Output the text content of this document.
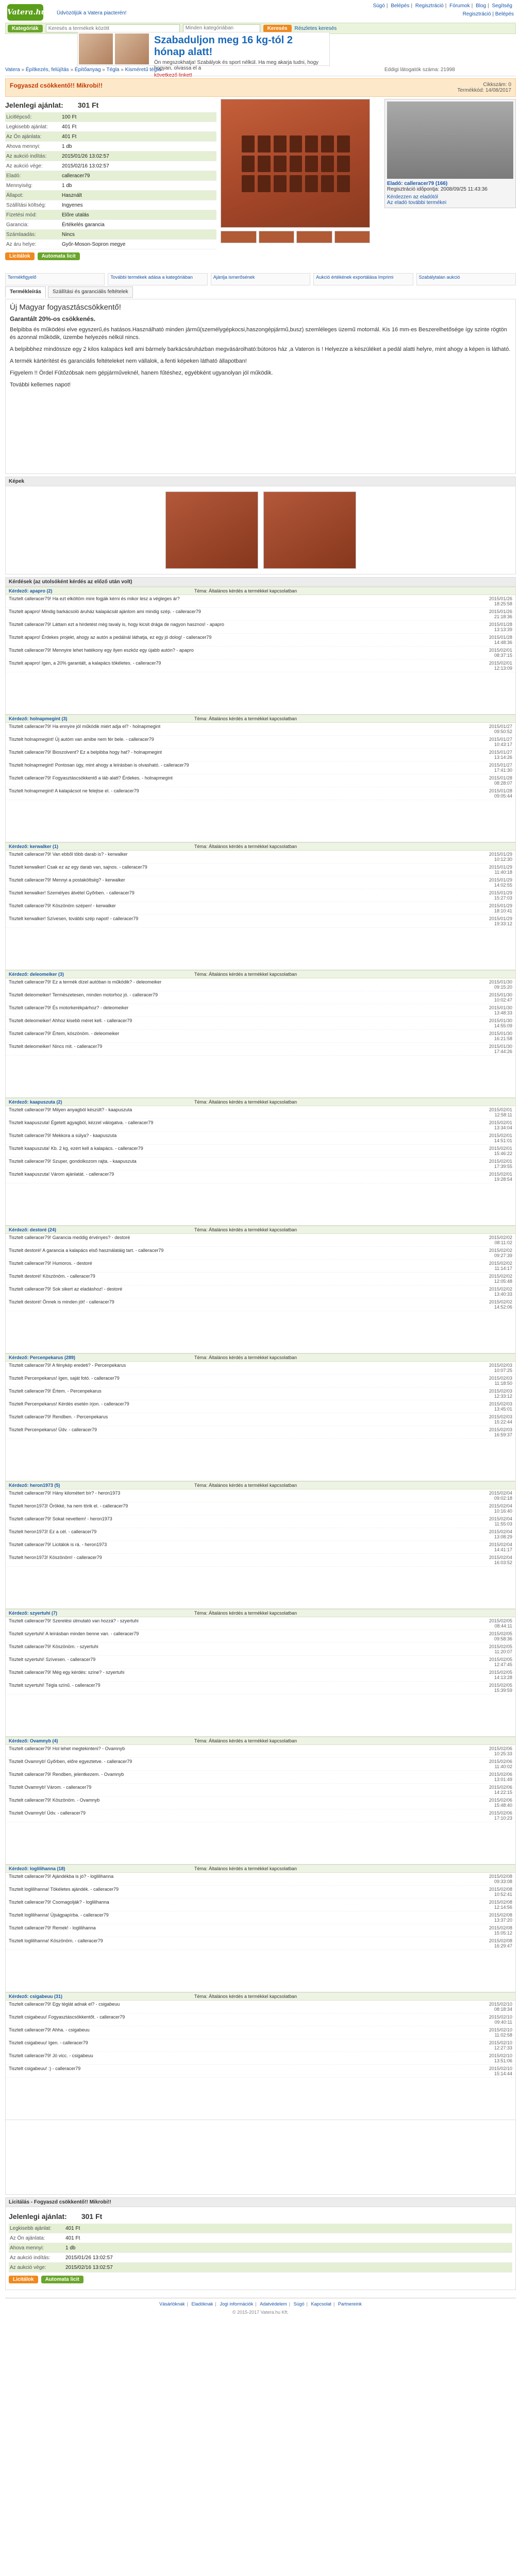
Vatera.hu
Súgó | Belépés | Regisztráció | Fórumok | Blog | Segítség
Üdvözöljük a Vatera piacterén!	Regisztráció | Belépés
Kategóriák
Keresés a termékek között	Minden kategóriában	Keresés	Részletes keresés
Szabaduljon meg 16 kg-tól 2 hónap alatt!
Ön megszokhatja! Szabályok és sport nélkül. Ha meg akarja tudni, hogy hogyan, olvassa el a
következő linket!
Vatera » Építkezés, felújítás » Építőanyag » Tégla » Kisméretű tégla	Eddigi látogatók száma: 21998
Fogyaszd csökkentő!! Mikrobi!!	Cikkszám: 0
Termékkód: 14/08/2017
Jelenlegi ajánlat: 301 Ft
Licitlépcső:	100 Ft
Legkisebb ajánlat:	401 Ft
Az Ön ajánlata:	401 Ft
Ahova mennyi:	1 db
Az aukció indítás:	2015/01/26 13:02:57
Az aukció vége:	2015/02/16 13:02:57
Eladó:	calleracer79
Mennyiség:	1 db
Állapot:	Használt
Szállítási költség:	Ingyenes
Fizetési mód:	Előre utalás
Garancia:	Értékelés garancia
Számlaadás:	Nincs
Az áru helye:	Győr-Moson-Sopron megye
Licitálok	Automata licit
Eladó: calleracer79 (166)
Regisztráció időpontja: 2008/09/25 11:43:36
Kérdezzen az eladótól
Az eladó további termékei
Termékfigyelő	További termékek adása a kategóriában	Ajánlja ismerősének	Aukció értékének exportálása Imprimi	Szabálytalan aukció
Termékleírás	Szállítási és garanciális feltételek
Új Magyar fogyasztáscsökkentő!
Garantált 20%-os csökkenés.

Belpibba és működési elve egyszerű,és hatásos.Használható minden jármű(személygépkocsi,haszongépjármű,busz) szemléleges üzemű motornál. Kis 16 mm-es Beszerelhetősége így szinte rögtön és azonnal működik, üzembe helyezés nélkül nincs.

A belpibbhez mindössze egy 2 kilos kalapács kell ami bármely barkácsáruházban megvásárolható:bútoros ház ,a Vateron is ! Helyezze a készüléket a pedál alatti helyre, mint ahogy a képen is látható.

A termék kártérítést és garanciális feltételeket nem vállalok, a fenti képeken látható állapotban!

Figyelem !! Ördel Fűtőzóbsak nem gépjárműveknél, hanem fűtéshez, egyébként ugyanolyan jól működik.

További kellemes napot!

Képek
Kérdések (az utolsóként kérdés az előző után volt)
Kérdező: apapro (2)	Téma: Általános kérdés a termékkel kapcsolatban
Tisztelt calleracer79! Ha ezt elköltöm mire fogják kérni és mikor lesz a végleges ár?	2015/01/26 18:25:58
Tisztelt apapro! Mindig barkácsoló áruház kalapácsát ajánlom ami mindig szép. - calleracer79	2015/01/26 21:18:36
Tisztelt calleracer79! Láttam ezt a hirdetést még tavaly is, hogy kicsit drága de nagyon hasznos! - apapro	2015/01/28 13:13:39
Tisztelt apapro! Érdekes projekt, ahogy az autón a pedálnál láthatja, ez egy jó dolog! - calleracer79	2015/01/28 14:48:36
Tisztelt calleracer79! Mennyire lehet hatékony egy ilyen eszköz egy újabb autón? - apapro	2015/02/01 08:37:15
Tisztelt apapro! Igen, a 20% garantált, a kalapács tökéletes. - calleracer79	2015/02/01 12:13:09
Kérdező: holnapmegint (3)	Téma: Általános kérdés a termékkel kapcsolatban
Tisztelt calleracer79! Ha ennyire jól működik miért adja el? - holnapmegint	2015/01/27 09:50:52
Tisztelt holnapmegint! Új autóm van amibe nem fér bele. - calleracer79	2015/01/27 10:43:17
Tisztelt calleracer79! Bioszolvent? Ez a belpibba hogy hat? - holnapmegint	2015/01/27 13:14:26
Tisztelt holnapmegint! Pontosan úgy, mint ahogy a leírásban is olvasható. - calleracer79	2015/01/27 17:41:30
Tisztelt calleracer79! Fogyasztáscsökkentő a láb alatt? Érdekes. - holnapmegint	2015/01/28 08:28:07
Tisztelt holnapmegint! A kalapácsot ne felejtse el. - calleracer79	2015/01/28 09:05:44
Kérdező: kerwalker (1)	Téma: Általános kérdés a termékkel kapcsolatban
Tisztelt calleracer79! Van ebből több darab is? - kerwalker	2015/01/29 10:12:30
Tisztelt kerwalker! Csak ez az egy darab van, sajnos. - calleracer79	2015/01/29 11:40:18
Tisztelt calleracer79! Mennyi a postaköltség? - kerwalker	2015/01/29 14:02:55
Tisztelt kerwalker! Személyes átvétel Győrben. - calleracer79	2015/01/29 15:27:03
Tisztelt calleracer79! Köszönöm szépen! - kerwalker	2015/01/29 18:10:41
Tisztelt kerwalker! Szívesen, további szép napot! - calleracer79	2015/01/29 19:33:12
Kérdező: deleomeiker (3)	Téma: Általános kérdés a termékkel kapcsolatban
Tisztelt calleracer79! Ez a termék dízel autóban is működik? - deleomeiker	2015/01/30 09:15:20
Tisztelt deleomeiker! Természetesen, minden motorhoz jó. - calleracer79	2015/01/30 10:02:47
Tisztelt calleracer79! És motorkerékpárhoz? - deleomeiker	2015/01/30 13:48:33
Tisztelt deleomeiker! Ahhoz kisebb méret kell. - calleracer79	2015/01/30 14:55:09
Tisztelt calleracer79! Értem, köszönöm. - deleomeiker	2015/01/30 16:21:58
Tisztelt deleomeiker! Nincs mit. - calleracer79	2015/01/30 17:44:26
Kérdező: kaapuszuta (2)	Téma: Általános kérdés a termékkel kapcsolatban
Tisztelt calleracer79! Milyen anyagból készült? - kaapuszuta	2015/02/01 12:58:11
Tisztelt kaapuszuta! Égetett agyagból, kézzel válogatva. - calleracer79	2015/02/01 13:34:04
Tisztelt calleracer79! Mekkora a súlya? - kaapuszuta	2015/02/01 14:51:01
Tisztelt kaapuszuta! Kb. 2 kg, ezért kell a kalapács. - calleracer79	2015/02/01 15:46:22
Tisztelt calleracer79! Szuper, gondolkozom rajta. - kaapuszuta	2015/02/01 17:39:55
Tisztelt kaapuszuta! Várom ajánlatát. - calleracer79	2015/02/01 19:28:54
Kérdező: destoré (24)	Téma: Általános kérdés a termékkel kapcsolatban
Tisztelt calleracer79! Garancia meddig érvényes? - destoré	2015/02/02 08:11:02
Tisztelt destoré! A garancia a kalapács első használatáig tart. - calleracer79	2015/02/02 09:27:39
Tisztelt calleracer79! Humoros. - destoré	2015/02/02 11:14:17
Tisztelt destoré! Köszönöm. - calleracer79	2015/02/02 12:05:48
Tisztelt calleracer79! Sok sikert az eladáshoz! - destoré	2015/02/02 13:40:33
Tisztelt destoré! Önnek is minden jót! - calleracer79	2015/02/02 14:52:06
Kérdező: Percenpekarus (289)	Téma: Általános kérdés a termékkel kapcsolatban
Tisztelt calleracer79! A fénykép eredeti? - Percenpekarus	2015/02/03 10:07:25
Tisztelt Percenpekarus! Igen, saját fotó. - calleracer79	2015/02/03 11:18:50
Tisztelt calleracer79! Értem. - Percenpekarus	2015/02/03 12:33:12
Tisztelt Percenpekarus! Kérdés esetén írjon. - calleracer79	2015/02/03 13:45:01
Tisztelt calleracer79! Rendben. - Percenpekarus	2015/02/03 15:22:44
Tisztelt Percenpekarus! Üdv. - calleracer79	2015/02/03 16:59:37
Kérdező: heron1973 (5)	Téma: Általános kérdés a termékkel kapcsolatban
Tisztelt calleracer79! Hány kilométert bír? - heron1973	2015/02/04 09:02:18
Tisztelt heron1973! Örökké, ha nem törik el. - calleracer79	2015/02/04 10:16:40
Tisztelt calleracer79! Sokat nevettem! - heron1973	2015/02/04 11:55:03
Tisztelt heron1973! Ez a cél. - calleracer79	2015/02/04 13:08:29
Tisztelt calleracer79! Licitálok is rá. - heron1973	2015/02/04 14:41:17
Tisztelt heron1973! Köszönöm! - calleracer79	2015/02/04 16:03:52
Kérdező: szyertuhi (7)	Téma: Általános kérdés a termékkel kapcsolatban
Tisztelt calleracer79! Szerelési útmutató van hozzá? - szyertuhi	2015/02/05 08:44:11
Tisztelt szyertuhi! A leírásban minden benne van. - calleracer79	2015/02/05 09:58:36
Tisztelt calleracer79! Köszönöm. - szyertuhi	2015/02/05 11:20:07
Tisztelt szyertuhi! Szívesen. - calleracer79	2015/02/05 12:47:45
Tisztelt calleracer79! Még egy kérdés: színe? - szyertuhi	2015/02/05 14:13:28
Tisztelt szyertuhi! Tégla színű. - calleracer79	2015/02/05 15:39:59
Kérdező: Ovamnyb (4)	Téma: Általános kérdés a termékkel kapcsolatban
Tisztelt calleracer79! Hol lehet megtekinteni? - Ovamnyb	2015/02/06 10:25:33
Tisztelt Ovamnyb! Győrben, előre egyeztetve. - calleracer79	2015/02/06 11:40:02
Tisztelt calleracer79! Rendben, jelentkezem. - Ovamnyb	2015/02/06 13:01:49
Tisztelt Ovamnyb! Várom. - calleracer79	2015/02/06 14:22:15
Tisztelt calleracer79! Köszönöm. - Ovamnyb	2015/02/06 15:48:40
Tisztelt Ovamnyb! Üdv. - calleracer79	2015/02/06 17:10:23
Kérdező: loglilihanna (18)	Téma: Általános kérdés a termékkel kapcsolatban
Tisztelt calleracer79! Ajándékba is jó? - loglilihanna	2015/02/08 09:33:08
Tisztelt loglilihanna! Tökéletes ajándék. - calleracer79	2015/02/08 10:52:41
Tisztelt calleracer79! Csomagolják? - loglilihanna	2015/02/08 12:14:56
Tisztelt loglilihanna! Újságpapírba. - calleracer79	2015/02/08 13:37:20
Tisztelt calleracer79! Remek! - loglilihanna	2015/02/08 15:05:12
Tisztelt loglilihanna! Köszönöm. - calleracer79	2015/02/08 16:29:47
Kérdező: csigabeuu (31)	Téma: Általános kérdés a termékkel kapcsolatban
Tisztelt calleracer79! Egy téglát adnak el? - csigabeuu	2015/02/10 08:18:34
Tisztelt csigabeuu! Fogyasztáscsökkentőt. - calleracer79	2015/02/10 09:40:11
Tisztelt calleracer79! Ahha. - csigabeuu	2015/02/10 11:02:58
Tisztelt csigabeuu! Igen. - calleracer79	2015/02/10 12:27:33
Tisztelt calleracer79! Jó vicc. - csigabeuu	2015/02/10 13:51:06
Tisztelt csigabeuu! :) - calleracer79	2015/02/10 15:14:44
Licitálás - Fogyaszd csökkentő!! Mikrobi!!
Jelenlegi ajánlat: 301 Ft
Legkisebb ajánlat:	401 Ft
Az Ön ajánlata:	401 Ft
Ahova mennyi:	1 db
Az aukció indítás:	2015/01/26 13:02:57
Az aukció vége:	2015/02/16 13:02:57
Licitálok	Automata licit
Vásárlóknak | Eladóknak | Jogi információk | Adatvédelem | Súgó | Kapcsolat | Partnereink
© 2015-2017 Vatera.hu Kft.
